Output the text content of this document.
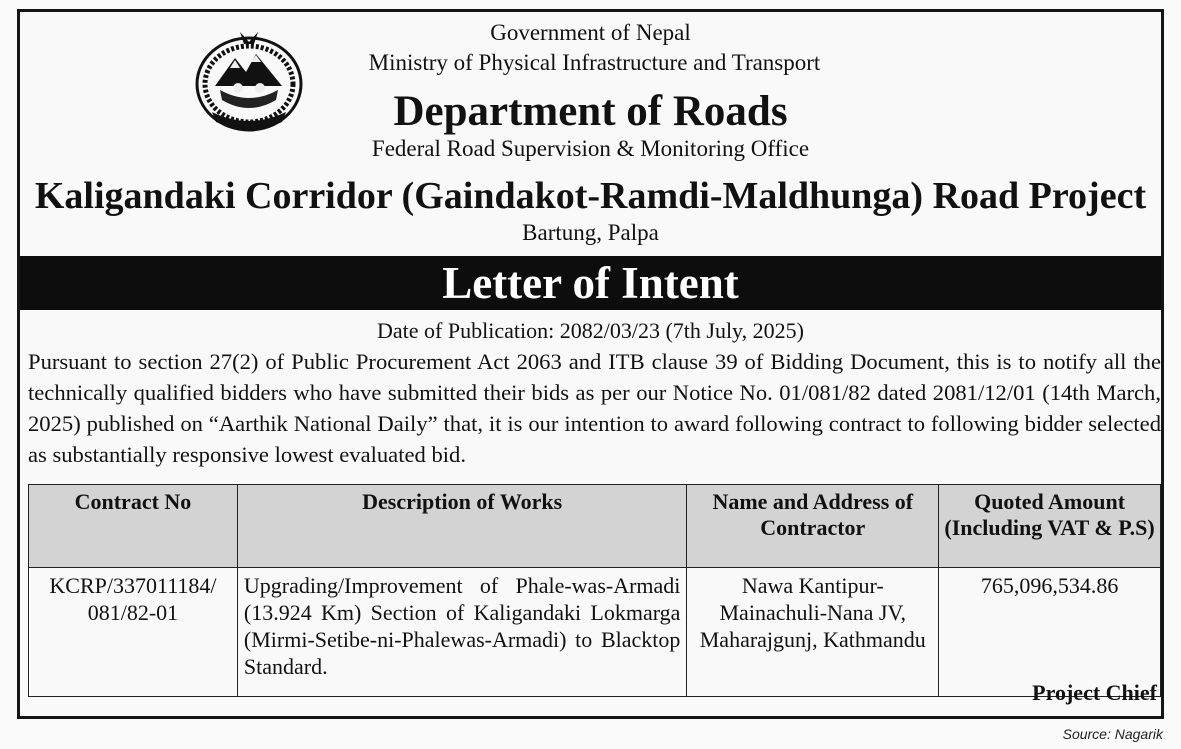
Government of Nepal
Ministry of Physical Infrastructure and Transport
Department of Roads
Federal Road Supervision & Monitoring Office
Kaligandaki Corridor (Gaindakot-Ramdi-Maldhunga) Road Project
Bartung, Palpa
Letter of Intent
Date of Publication: 2082/03/23 (7th July, 2025)

Pursuant to section 27(2) of Public Procurement Act 2063 and ITB clause 39 of Bidding Document, this is to notify all the technically qualified bidders who have submitted their bids as per our Notice No. 01/081/82 dated 2081/12/01 (14th March, 2025) published on “Aarthik National Daily” that, it is our intention to award following contract to following bidder selected as substantially responsive lowest evaluated bid.

Contract No	Description of Works	Name and Address of Contractor	Quoted Amount (Including VAT & P.S)
KCRP/337011184/ 081/82-01	Upgrading/Improvement of Phale-was-Armadi (13.924 Km) Section of Kaligandaki Lokmarga (Mirmi-Setibe-ni-Phalewas-Armadi) to Blacktop Standard.	Nawa Kantipur-Mainachuli-Nana JV, Maharajgunj, Kathmandu	765,096,534.86
Project Chief
Source: Nagarik
